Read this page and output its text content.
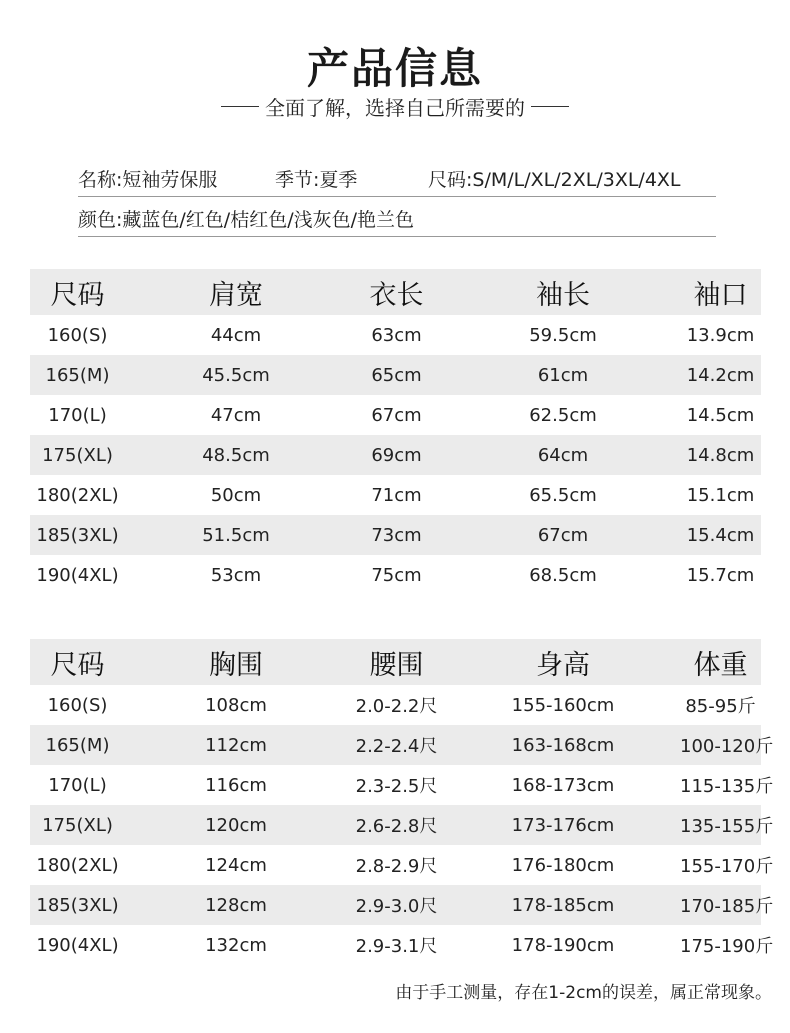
产品信息
全面了解，选择自己所需要的
名称:短袖劳保服	季节:夏季	尺码:S/M/L/XL/2XL/3XL/4XL
颜色:藏蓝色/红色/桔红色/浅灰色/艳兰色
尺码	肩宽	衣长	袖长	袖口
160(S)	44cm	63cm	59.5cm	13.9cm
165(M)	45.5cm	65cm	61cm	14.2cm
170(L)	47cm	67cm	62.5cm	14.5cm
175(XL)	48.5cm	69cm	64cm	14.8cm
180(2XL)	50cm	71cm	65.5cm	15.1cm
185(3XL)	51.5cm	73cm	67cm	15.4cm
190(4XL)	53cm	75cm	68.5cm	15.7cm
尺码	胸围	腰围	身高	体重
160(S)	108cm	2.0-2.2尺	155-160cm	85-95斤
165(M)	112cm	2.2-2.4尺	163-168cm	100-120斤
170(L)	116cm	2.3-2.5尺	168-173cm	115-135斤
175(XL)	120cm	2.6-2.8尺	173-176cm	135-155斤
180(2XL)	124cm	2.8-2.9尺	176-180cm	155-170斤
185(3XL)	128cm	2.9-3.0尺	178-185cm	170-185斤
190(4XL)	132cm	2.9-3.1尺	178-190cm	175-190斤
由于手工测量，存在1-2cm的误差，属正常现象。
